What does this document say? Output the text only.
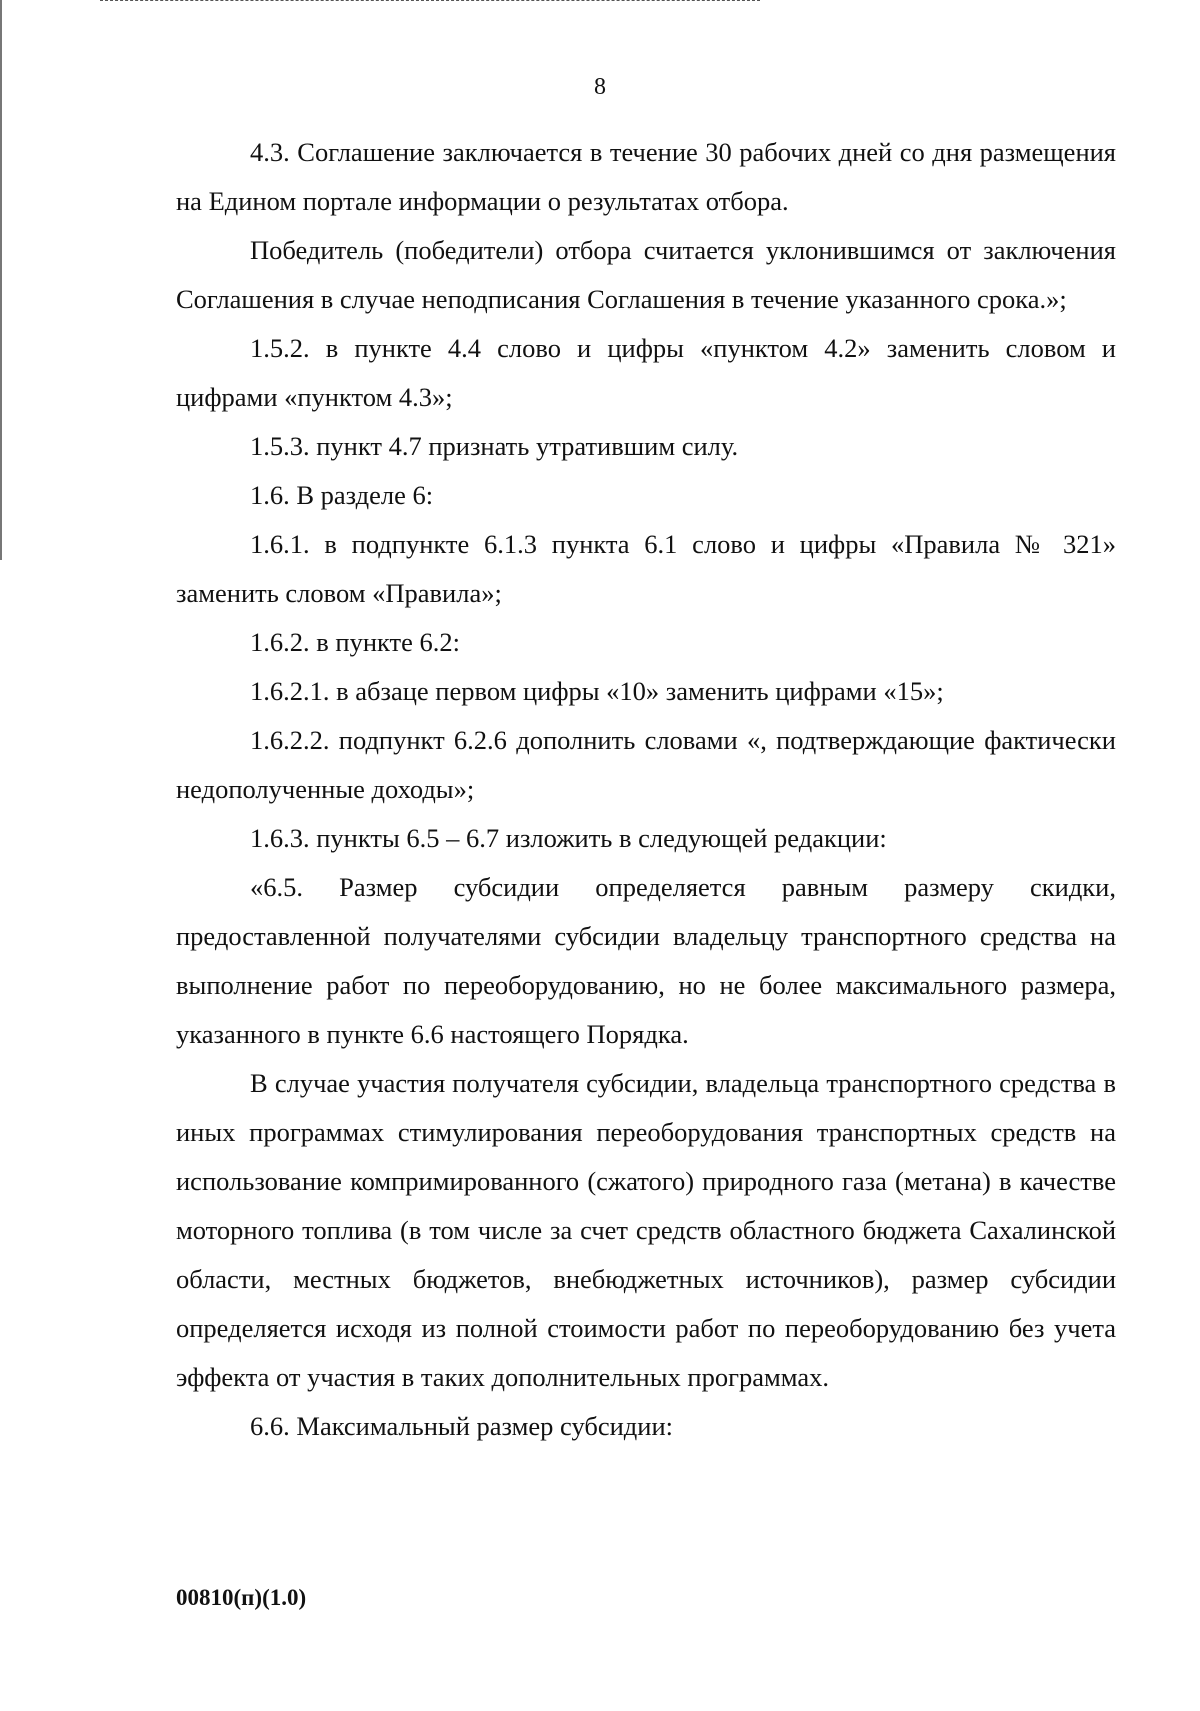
8

4.3. Соглашение заключается в течение 30 рабочих дней со дня размещения на Едином портале информации о результатах отбора.

Победитель (победители) отбора считается уклонившимся от заключения Соглашения в случае неподписания Соглашения в течение указанного срока.»;

1.5.2. в пункте 4.4 слово и цифры «пунктом 4.2» заменить словом и цифрами «пунктом 4.3»;

1.5.3. пункт 4.7 признать утратившим силу.

1.6. В разделе 6:

1.6.1. в подпункте 6.1.3 пункта 6.1 слово и цифры «Правила № 321» заменить словом «Правила»;

1.6.2. в пункте 6.2:

1.6.2.1. в абзаце первом цифры «10» заменить цифрами «15»;

1.6.2.2. подпункт 6.2.6 дополнить словами «, подтверждающие фактически недополученные доходы»;

1.6.3. пункты 6.5 – 6.7 изложить в следующей редакции:

«6.5. Размер субсидии определяется равным размеру скидки, предоставленной получателями субсидии владельцу транспортного средства на выполнение работ по переоборудованию, но не более максимального размера, указанного в пункте 6.6 настоящего Порядка.

В случае участия получателя субсидии, владельца транспортного средства в иных программах стимулирования переоборудования транспортных средств на использование компримированного (сжатого) природного газа (метана) в качестве моторного топлива (в том числе за счет средств областного бюджета Сахалинской области, местных бюджетов, внебюджетных источников), размер субсидии определяется исходя из полной стоимости работ по переоборудованию без учета эффекта от участия в таких дополнительных программах.

6.6. Максимальный размер субсидии:

00810(п)(1.0)
